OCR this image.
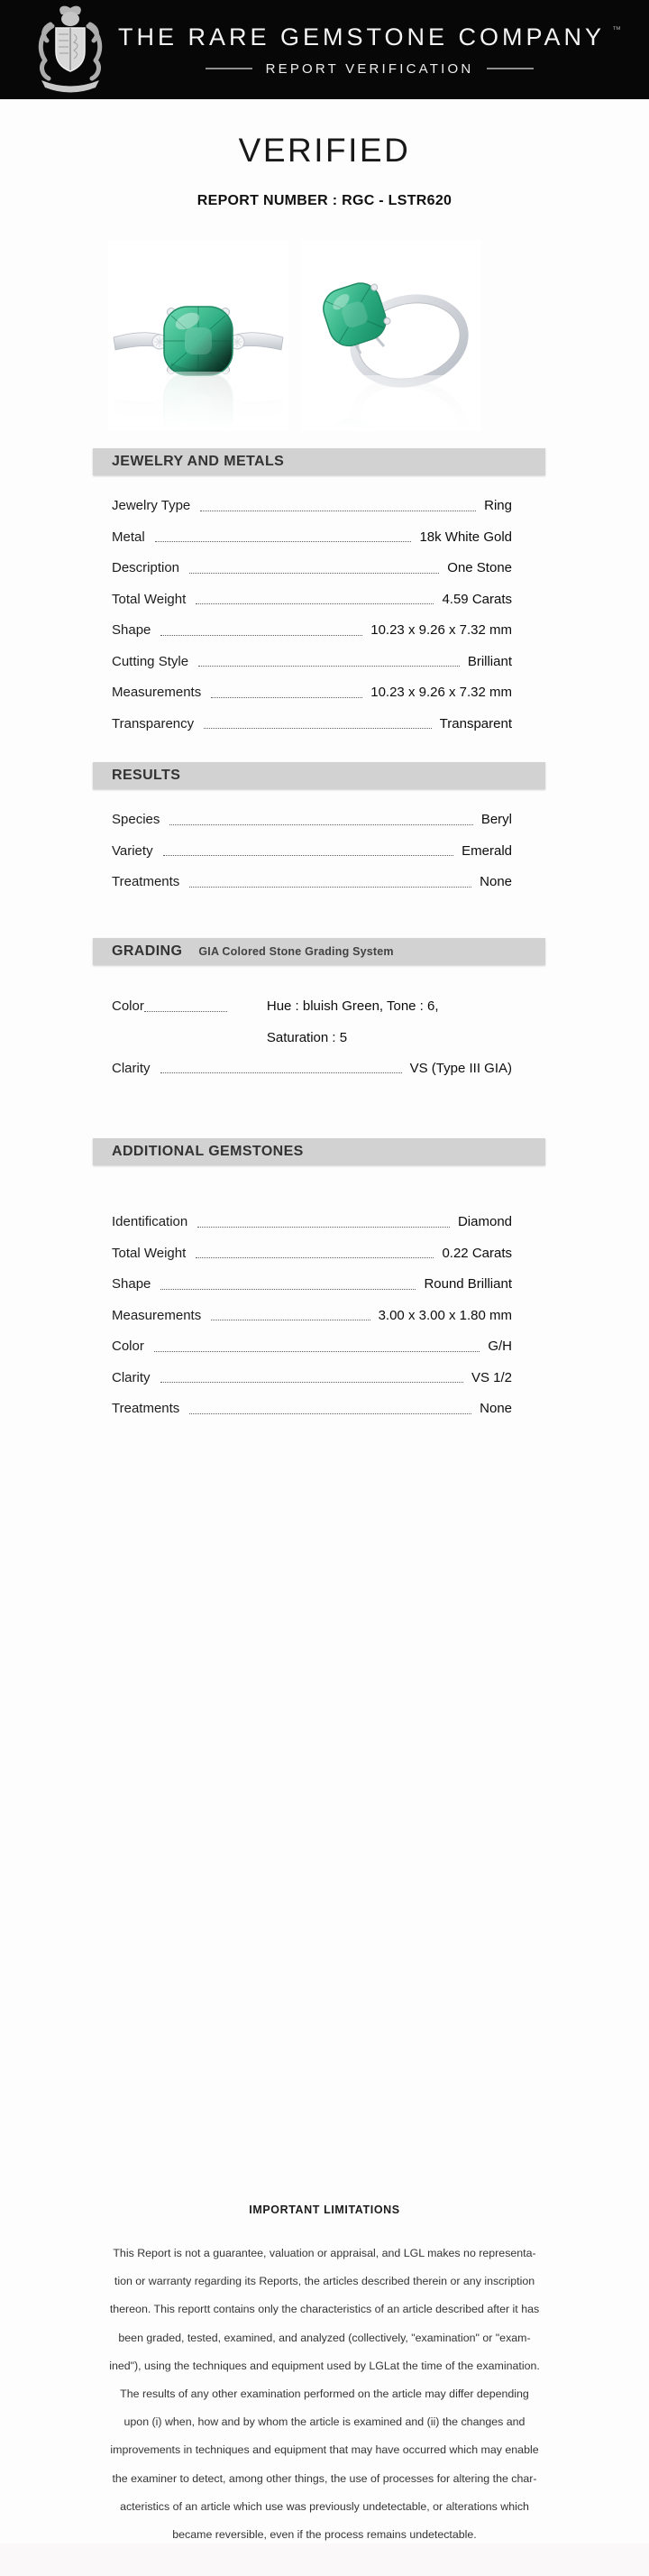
THE RARE GEMSTONE COMPANY ™
REPORT VERIFICATION
VERIFIED
REPORT NUMBER : RGC - LSTR620
JEWELRY AND METALS
Jewelry Type	Ring
Metal	18k White Gold
Description	One Stone
Total Weight	4.59 Carats
Shape	10.23 x 9.26 x 7.32 mm
Cutting Style	Brilliant
Measurements	10.23 x 9.26 x 7.32 mm
Transparency	Transparent
RESULTS
Species	Beryl
Variety	Emerald
Treatments	None
GRADING GIA Colored Stone Grading System
Color	Hue : bluish Green, Tone : 6,
Saturation : 5
Clarity	VS (Type III GIA)
ADDITIONAL GEMSTONES
Identification	Diamond
Total Weight	0.22 Carats
Shape	Round Brilliant
Measurements	3.00 x 3.00 x 1.80 mm
Color	G/H
Clarity	VS 1/2
Treatments	None
IMPORTANT LIMITATIONS
This Report is not a guarantee, valuation or appraisal, and LGL makes no representa-
tion or warranty regarding its Reports, the articles described therein or any inscription
thereon. This reportt contains only the characteristics of an article described after it has
been graded, tested, examined, and analyzed (collectively, "examination" or "exam-
ined"), using the techniques and equipment used by LGLat the time of the examination.
The results of any other examination performed on the article may differ depending
upon (i) when, how and by whom the article is examined and (ii) the changes and
improvements in techniques and equipment that may have occurred which may enable
the examiner to detect, among other things, the use of processes for altering the char-
acteristics of an article which use was previously undetectable, or alterations which
became reversible, even if the process remains undetectable.
